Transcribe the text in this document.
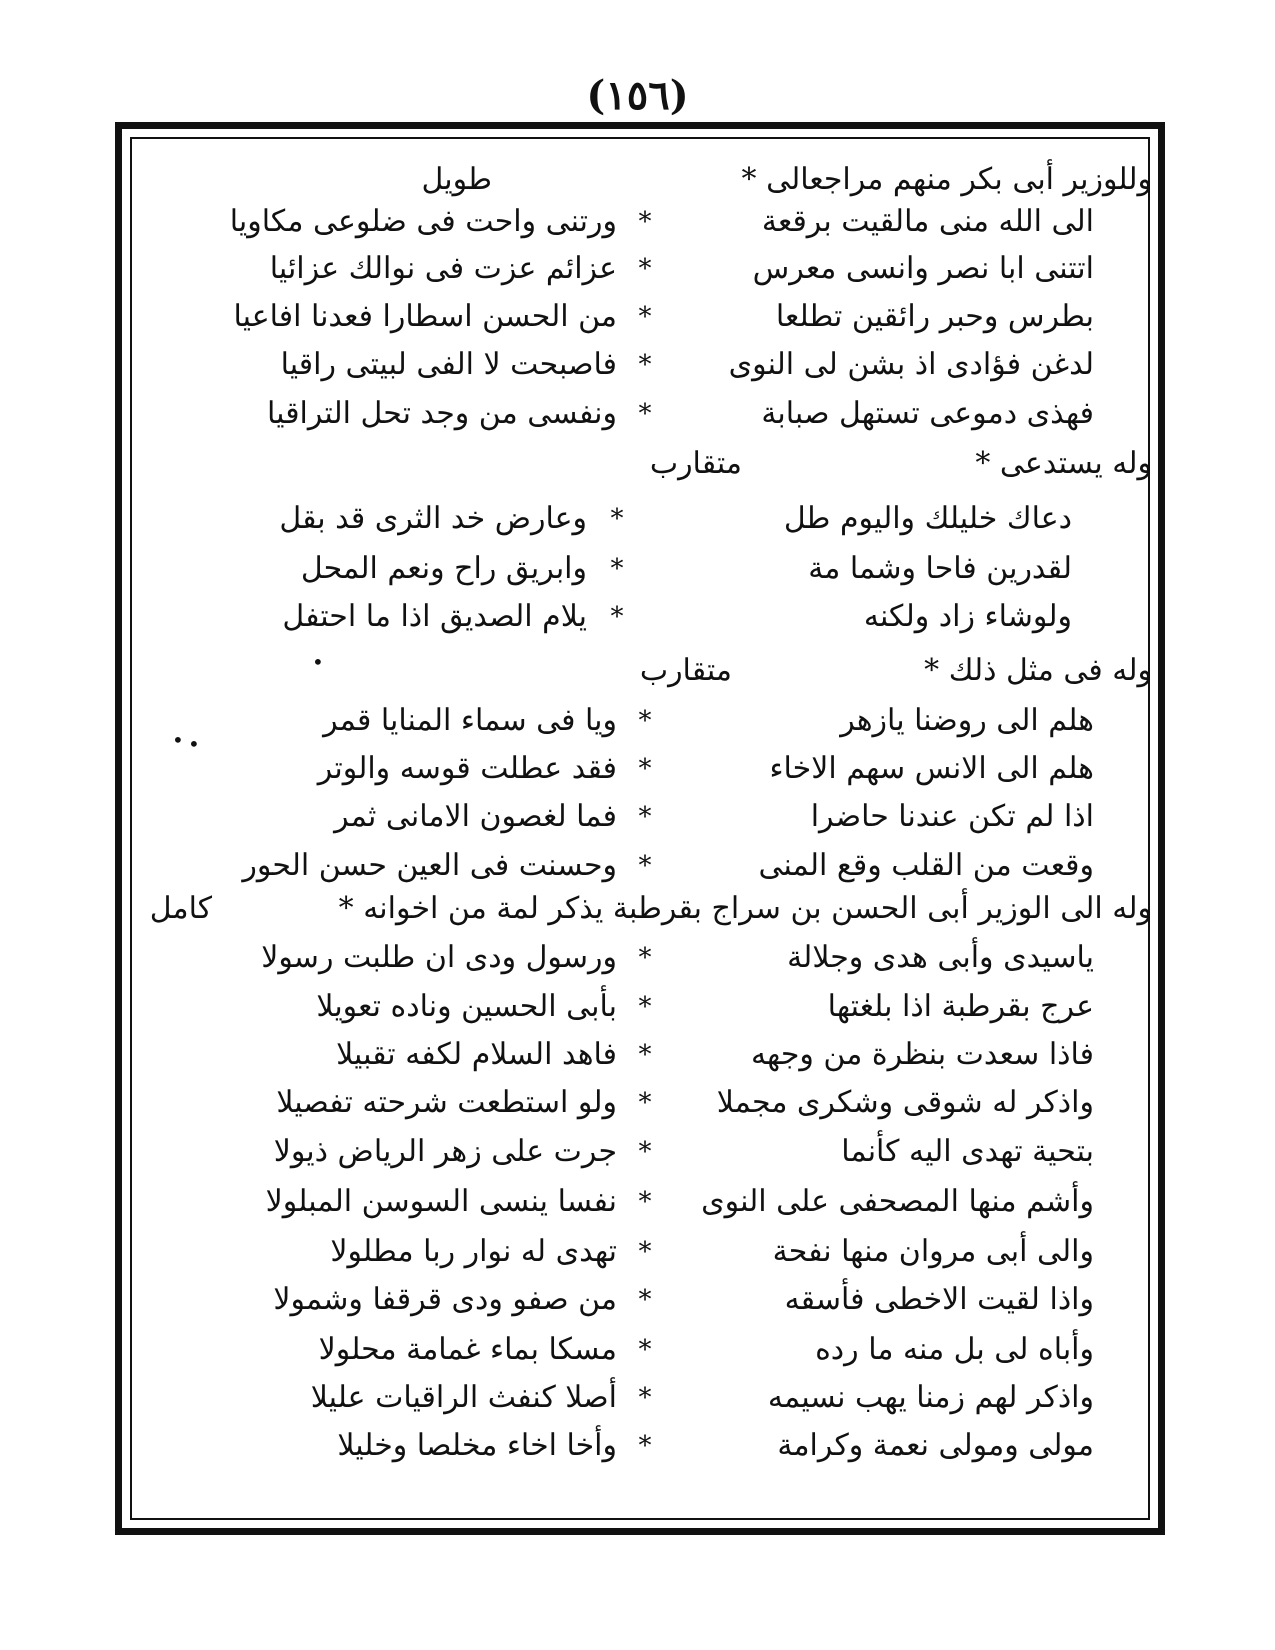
(١٥٦)
وللوزير أبى بكر منهم مراجعالى *
طويل
الى الله منى مالقيت برقعة
*
ورتنى واحت فى ضلوعى مكاويا
اتتنى ابا نصر وانسى معرس
*
عزائم عزت فى نوالك عزائيا
بطرس وحبر رائقين تطلعا
*
من الحسن اسطارا فعدنا افاعيا
لدغن فؤادى اذ بشن لى النوى
*
فاصبحت لا الفى لبيتى راقيا
فهذى دموعى تستهل صبابة
*
ونفسى من وجد تحل التراقيا
وله يستدعى *
متقارب
دعاك خليلك واليوم طل
*
وعارض خد الثرى قد بقل
لقدرين فاحا وشما مة
*
وابريق راح ونعم المحل
ولوشاء زاد ولكنه
*
يلام الصديق اذا ما احتفل
وله فى مثل ذلك *
متقارب
هلم الى روضنا يازهر
*
ويا فى سماء المنايا قمر
هلم الى الانس سهم الاخاء
*
فقد عطلت قوسه والوتر
اذا لم تكن عندنا حاضرا
*
فما لغصون الامانى ثمر
وقعت من القلب وقع المنى
*
وحسنت فى العين حسن الحور
وله الى الوزير أبى الحسن بن سراج بقرطبة يذكر لمة من اخوانه *
كامل
ياسيدى وأبى هدى وجلالة
*
ورسول ودى ان طلبت رسولا
عرج بقرطبة اذا بلغتها
*
بأبى الحسين وناده تعويلا
فاذا سعدت بنظرة من وجهه
*
فاهد السلام لكفه تقبيلا
واذكر له شوقى وشكرى مجملا
*
ولو استطعت شرحته تفصيلا
بتحية تهدى اليه كأنما
*
جرت على زهر الرياض ذيولا
وأشم منها المصحفى على النوى
*
نفسا ينسى السوسن المبلولا
والى أبى مروان منها نفحة
*
تهدى له نوار ربا مطلولا
واذا لقيت الاخطى فأسقه
*
من صفو ودى قرقفا وشمولا
وأباه لى بل منه ما رده
*
مسكا بماء غمامة محلولا
واذكر لهم زمنا يهب نسيمه
*
أصلا كنفث الراقيات عليلا
مولى ومولى نعمة وكرامة
*
وأخا اخاء مخلصا وخليلا
•
• •
